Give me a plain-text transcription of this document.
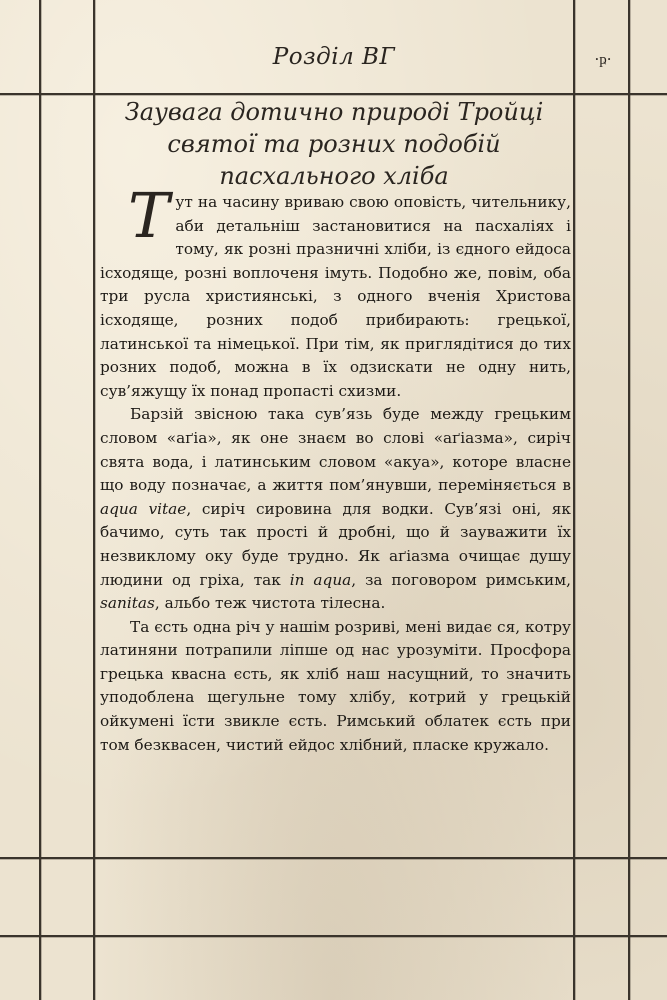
Розділ ВГ	·ҏ·
Заувага дотично природі Тройці святої та розних подобій пасхального хліба

Тут на часину вриваю свою оповість, чительнику, аби детальніш застановитися на пасхаліях і тому, як розні празничні хліби, із єдного ейдоса ісходяще, розні воплоченя імуть. Подобно же, повім, оба три русла християнські, з одного вченія Христова ісходяще, розних подоб прибирають: грецької, латинської та німецької. При тім, як приглядітися до тих розних подоб, можна в їх одзискати не одну нить, сув’яжущу їх понад пропасті схизми.

Барзій звісною така сув’язь буде между грецьким словом «аґіа», як оне знаєм во слові «аґіазма», сиріч свята вода, і латинським словом «акуа», которе власне що воду позначає, а життя пом’янувши, переміняється в aqua vitae, сиріч сировина для водки. Сув’язі оні, як бачимо, суть так прості й дробні, що й зауважити їх незвиклому оку буде трудно. Як аґіазма очищає душу людини од гріха, так in aqua, за поговором римським, sanitas, альбо теж чистота тілесна.

Та єсть одна річ у нашім розриві, мені видає ся, котру латиняни потрапили ліпше од нас урозуміти. Просфора грецька квасна єсть, як хліб наш насущний, то значить уподоблена щегульне тому хлібу, котрий у грецькій ойкумені їсти звикле єсть. Римський облатек єсть при том безквасен, чистий ейдос хлібний, пласке кружало.
